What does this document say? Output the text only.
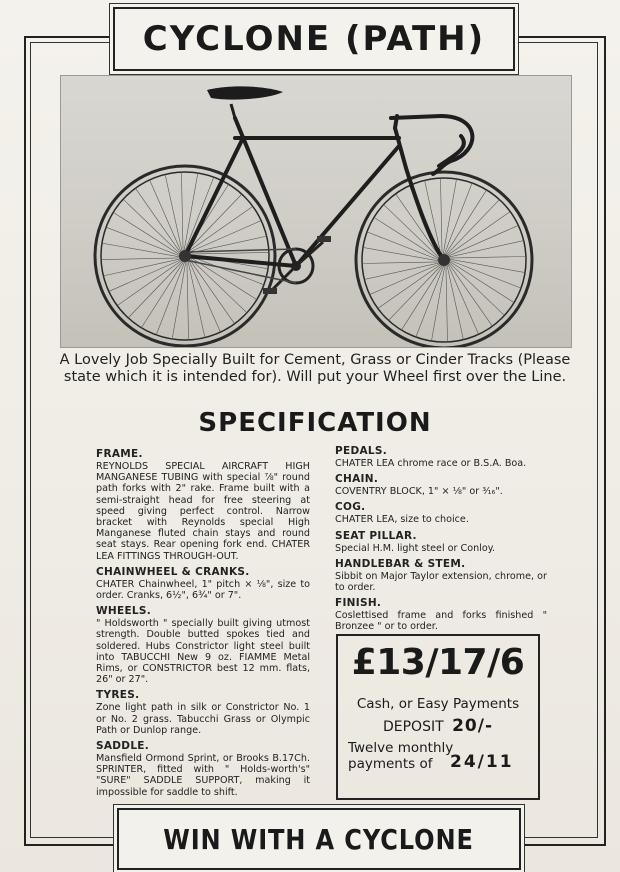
CYCLONE (PATH)
A Lovely Job Specially Built for Cement, Grass or Cinder Tracks (Please state which it is intended for). Will put your Wheel first over the Line.
SPECIFICATION
FRAME.
REYNOLDS SPECIAL AIRCRAFT HIGH MANGANESE TUBING with special ⅞" round path forks with 2" rake. Frame built with a semi-straight head for free steering at speed giving perfect control. Narrow bracket with Reynolds special High Manganese fluted chain stays and round seat stays. Rear opening fork end. CHATER LEA FITTINGS THROUGH-OUT.
CHAINWHEEL & CRANKS.
CHATER Chainwheel, 1" pitch × ⅛", size to order. Cranks, 6½", 6¾" or 7".
WHEELS.
" Holdsworth " specially built giving utmost strength. Double butted spokes tied and soldered. Hubs Constrictor light steel built into TABUCCHI New 9 oz. FIAMME Metal Rims, or CONSTRICTOR best 12 mm. flats, 26" or 27".
TYRES.
Zone light path in silk or Constrictor No. 1 or No. 2 grass. Tabucchi Grass or Olympic Path or Dunlop range.
SADDLE.
Mansfield Ormond Sprint, or Brooks B.17Ch. SPRINTER, fitted with " Holds-worth's" "SURE" SADDLE SUPPORT, making it impossible for saddle to shift.
PEDALS.
CHATER LEA chrome race or B.S.A. Boa.
CHAIN.
COVENTRY BLOCK, 1" × ⅛" or ³⁄₁₆".
COG.
CHATER LEA, size to choice.
SEAT PILLAR.
Special H.M. light steel or Conloy.
HANDLEBAR & STEM.
Sibbit on Major Taylor extension, chrome, or to order.
FINISH.
Coslettised frame and forks finished " Bronzee " or to order.
£13/17/6
Cash, or Easy Payments
DEPOSIT 20/-
Twelve monthly payments of	24/11
WIN WITH A CYCLONE
